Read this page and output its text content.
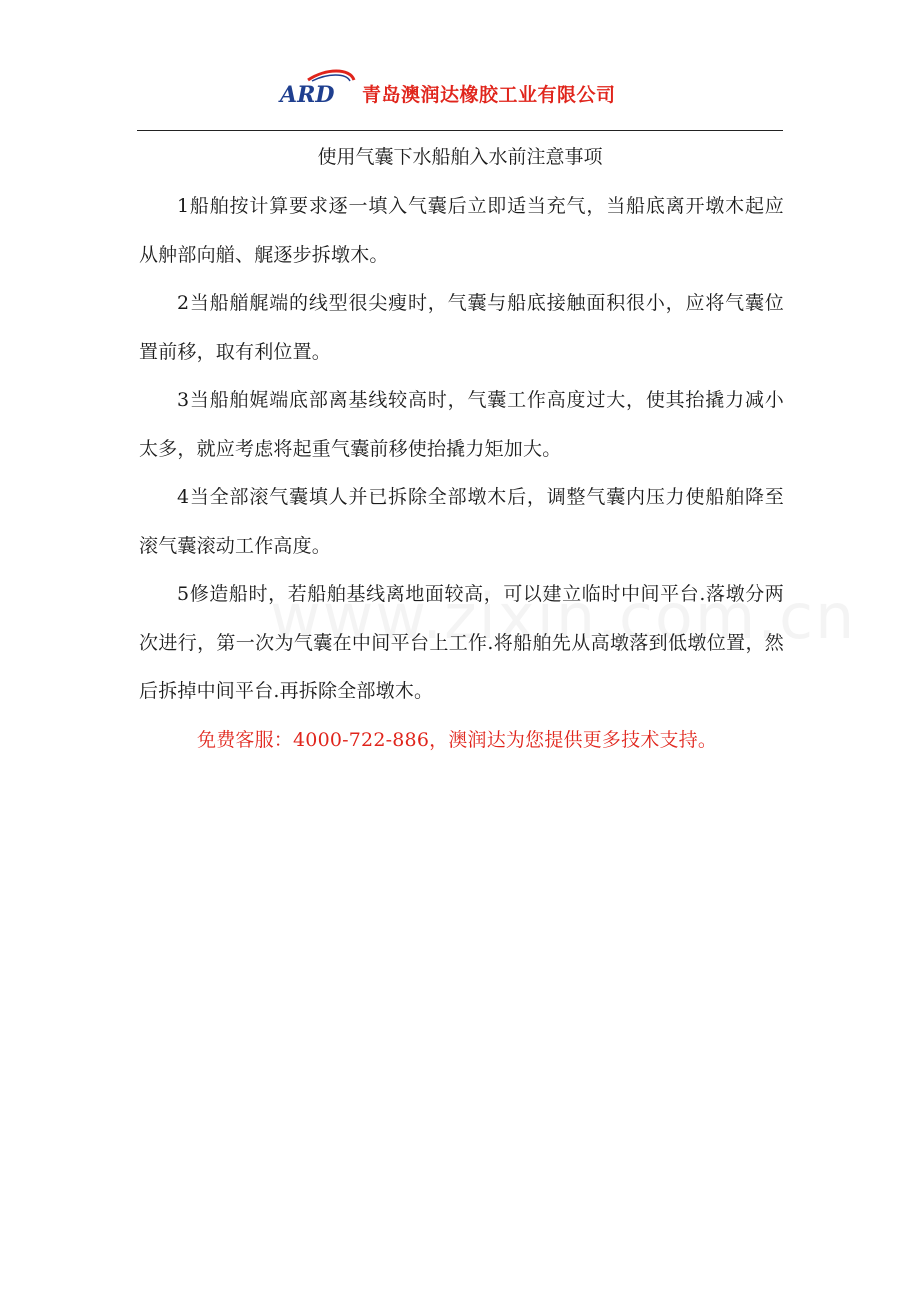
ARD 青岛澳润达橡胶工业有限公司
使用气囊下水船舶入水前注意事项

1船舶按计算要求逐一填入气囊后立即适当充气，当船底离开墩木起应从舯部向艏、艉逐步拆墩木。

2当船艏艉端的线型很尖瘦时，气囊与船底接触面积很小，应将气囊位置前移，取有利位置。

3当船舶娓端底部离基线较高时，气囊工作高度过大，使其抬撬力减小太多，就应考虑将起重气囊前移使抬撬力矩加大。

4当全部滚气囊填人并已拆除全部墩木后，调整气囊内压力使船舶降至滚气囊滚动工作高度。

5修造船时，若船舶基线离地面较高，可以建立临时中间平台.落墩分两次进行，第一次为气囊在中间平台上工作.将船舶先从高墩落到低墩位置，然后拆掉中间平台.再拆除全部墩木。

免费客服：4000-722-886，澳润达为您提供更多技术支持。
